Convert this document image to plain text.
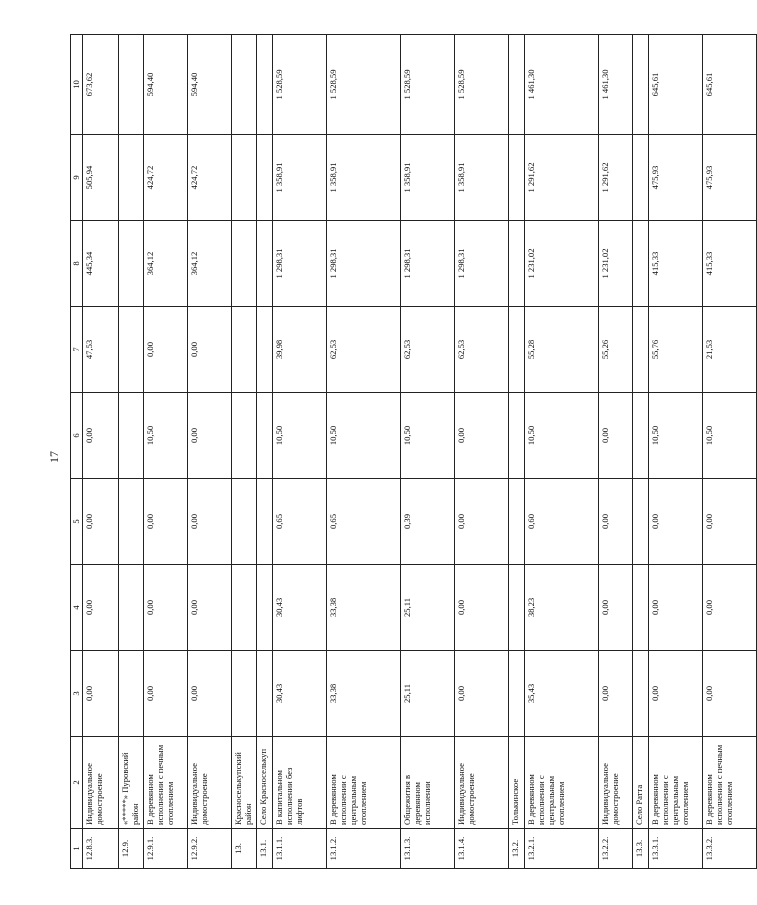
17
1	2	3	4	5	6	7	8	9	10
12.8.3.	Индивидуальное домостроение	0,00	0,00	0,00	0,00	47,53	445,34	505,94	673,62
12.9.	«*****» Пуровский район								
12.9.1.	В деревянном исполнении с печным отоплением	0,00	0,00	0,00	10,50	0,00	364,12	424,72	594,40
12.9.2.	Индивидуальное домостроение	0,00	0,00	0,00	0,00	0,00	364,12	424,72	594,40
13.	Красноселькупский район								
13.1.	Село Красноселькуп								
13.1.1.	В капитальном исполнении без лифтов	30,43	30,43	0,65	10,50	39,98	1 298,31	1 358,91	1 528,59
13.1.2.	В деревянном исполнении с центральным отоплением	33,38	33,38	0,65	10,50	62,53	1 298,31	1 358,91	1 528,59
13.1.3.	Общежития в деревянном исполнении	25,11	25,11	0,39	10,50	62,53	1 298,31	1 358,91	1 528,59
13.1.4.	Индивидуальное домостроение	0,00	0,00	0,00	0,00	62,53	1 298,31	1 358,91	1 528,59
13.2.	Толькинское								
13.2.1.	В деревянном исполнении с центральным отоплением	35,43	38,23	0,60	10,50	55,28	1 231,02	1 291,62	1 461,30
13.2.2.	Индивидуальное домостроение	0,00	0,00	0,00	0,00	55,26	1 231,02	1 291,62	1 461,30
13.3.	Село Ратта								
13.3.1.	В деревянном исполнении с центральным отоплением	0,00	0,00	0,00	10,50	55,76	415,33	475,93	645,61
13.3.2.	В деревянном исполнении с печным отоплением	0,00	0,00	0,00	10,50	21,53	415,33	475,93	645,61
